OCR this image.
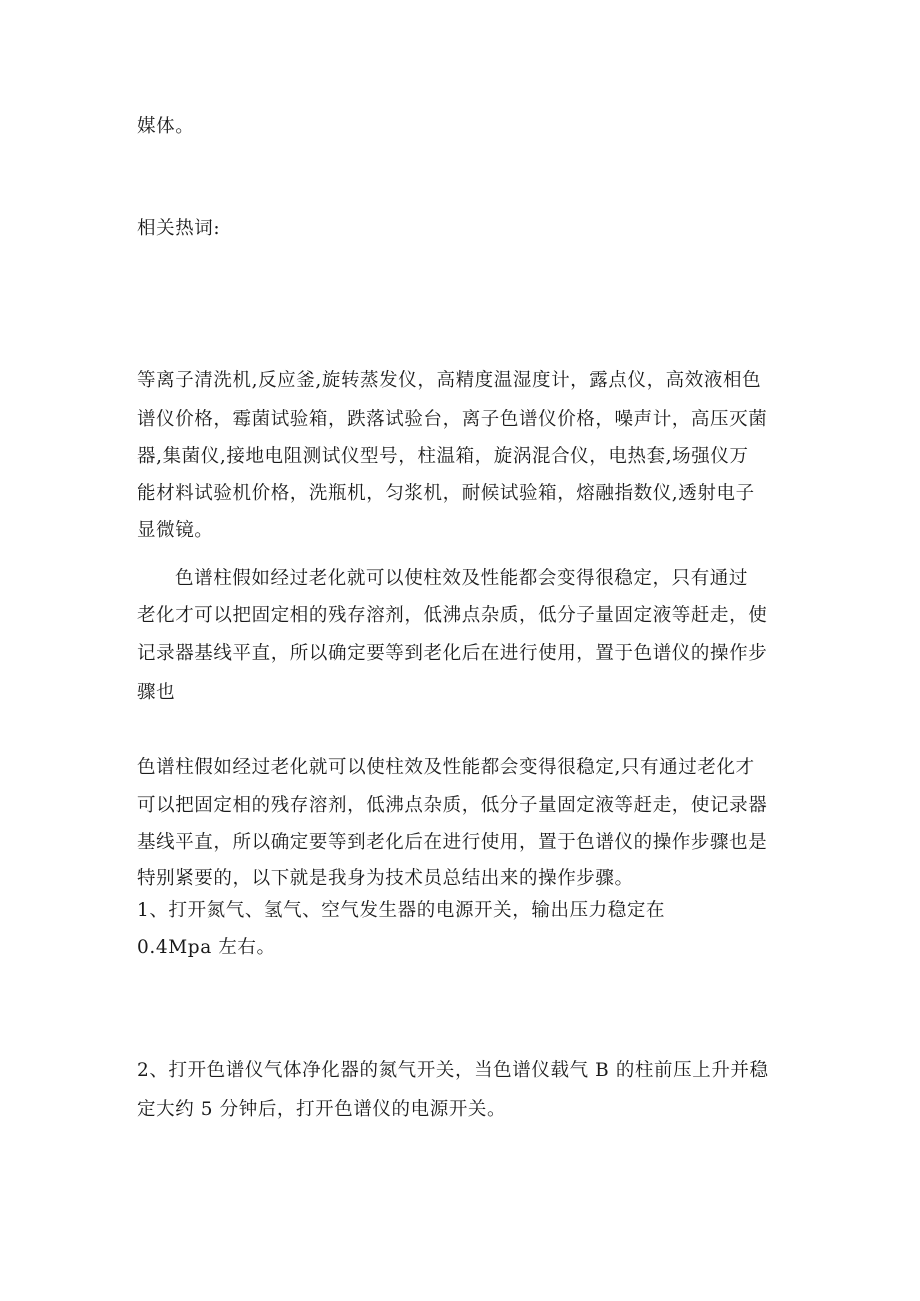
媒体。
相关热词:
等离子清洗机,反应釜,旋转蒸发仪，高精度温湿度计，露点仪，高效液相色
谱仪价格，霉菌试验箱，跌落试验台，离子色谱仪价格，噪声计，高压灭菌
器,集菌仪,接地电阻测试仪型号，柱温箱，旋涡混合仪，电热套,场强仪万
能材料试验机价格，洗瓶机，匀浆机，耐候试验箱，熔融指数仪,透射电子
显微镜。
色谱柱假如经过老化就可以使柱效及性能都会变得很稳定，只有通过
老化才可以把固定相的残存溶剂，低沸点杂质，低分子量固定液等赶走，使
记录器基线平直，所以确定要等到老化后在进行使用，置于色谱仪的操作步
骤也
色谱柱假如经过老化就可以使柱效及性能都会变得很稳定,只有通过老化才
可以把固定相的残存溶剂，低沸点杂质，低分子量固定液等赶走，使记录器
基线平直，所以确定要等到老化后在进行使用，置于色谱仪的操作步骤也是
特别紧要的，以下就是我身为技术员总结出来的操作步骤。
1、打开氮气、氢气、空气发生器的电源开关，输出压力稳定在
0.4Mpa 左右。
2、打开色谱仪气体净化器的氮气开关，当色谱仪载气 B 的柱前压上升并稳
定大约 5 分钟后，打开色谱仪的电源开关。
